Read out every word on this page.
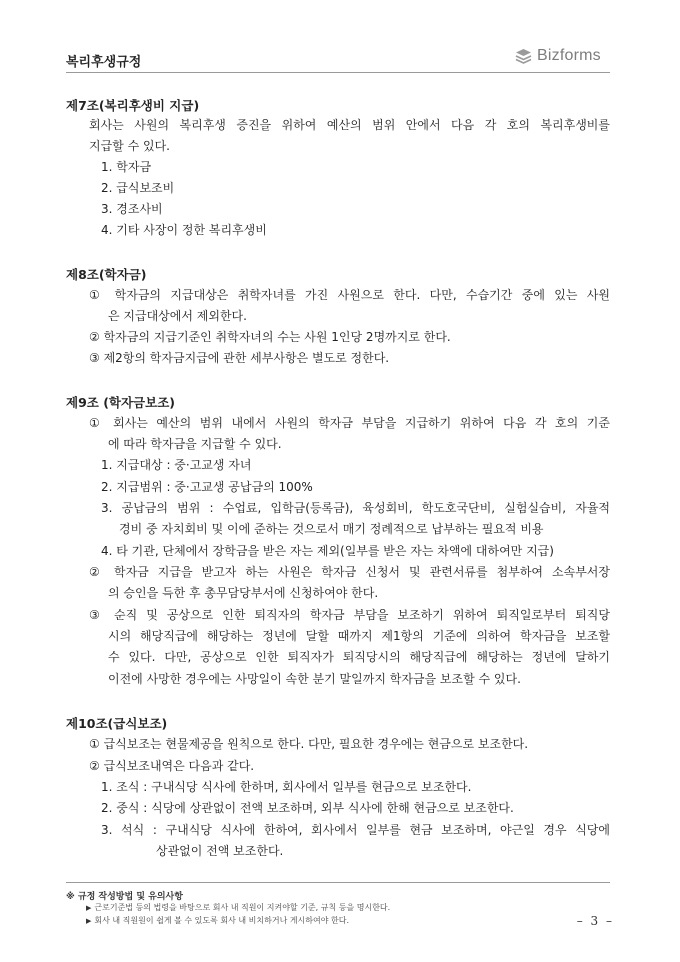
복리후생규정	Bizforms
제7조(복리후생비 지급)
회사는 사원의 복리후생 증진을 위하여 예산의 범위 안에서 다음 각 호의 복리후생비를
지급할 수 있다.
1. 학자금
2. 급식보조비
3. 경조사비
4. 기타 사장이 정한 복리후생비
제8조(학자금)
① 학자금의 지급대상은 취학자녀를 가진 사원으로 한다. 다만, 수습기간 중에 있는 사원
은 지급대상에서 제외한다.
② 학자금의 지급기준인 취학자녀의 수는 사원 1인당 2명까지로 한다.
③ 제2항의 학자금지급에 관한 세부사항은 별도로 정한다.
제9조 (학자금보조)
① 회사는 예산의 범위 내에서 사원의 학자금 부담을 지급하기 위하여 다음 각 호의 기준
에 따라 학자금을 지급할 수 있다.
1. 지급대상 : 중·고교생 자녀
2. 지급범위 : 중·고교생 공납금의 100%
3. 공납금의 범위 : 수업료, 입학금(등록금), 육성회비, 학도호국단비, 실험실습비, 자율적
경비 중 자치회비 및 이에 준하는 것으로서 매기 정례적으로 납부하는 필요적 비용
4. 타 기관, 단체에서 장학금을 받은 자는 제외(일부를 받은 자는 차액에 대하여만 지급)
② 학자금 지급을 받고자 하는 사원은 학자금 신청서 및 관련서류를 첨부하여 소속부서장
의 승인을 득한 후 총무담당부서에 신청하여야 한다.
③ 순직 및 공상으로 인한 퇴직자의 학자금 부담을 보조하기 위하여 퇴직일로부터 퇴직당
시의 해당직급에 해당하는 정년에 달할 때까지 제1항의 기준에 의하여 학자금을 보조할
수 있다. 다만, 공상으로 인한 퇴직자가 퇴직당시의 해당직급에 해당하는 정년에 달하기
이전에 사망한 경우에는 사망일이 속한 분기 말일까지 학자금을 보조할 수 있다.
제10조(급식보조)
① 급식보조는 현물제공을 원칙으로 한다. 다만, 필요한 경우에는 현금으로 보조한다.
② 급식보조내역은 다음과 같다.
1. 조식 : 구내식당 식사에 한하며, 회사에서 일부를 현금으로 보조한다.
2. 중식 : 식당에 상관없이 전액 보조하며, 외부 식사에 한해 현금으로 보조한다.
3. 석식 : 구내식당 식사에 한하여, 회사에서 일부를 현금 보조하며, 야근일 경우 식당에
상관없이 전액 보조한다.
※ 규정 작성방법 및 유의사항
▶ 근로기준법 등의 법령을 바탕으로 회사 내 직원이 지켜야할 기준, 규칙 등을 명시한다.
▶ 회사 내 직원원이 쉽게 볼 수 있도록 회사 내 비치하거나 게시하여야 한다.	– 3 –
